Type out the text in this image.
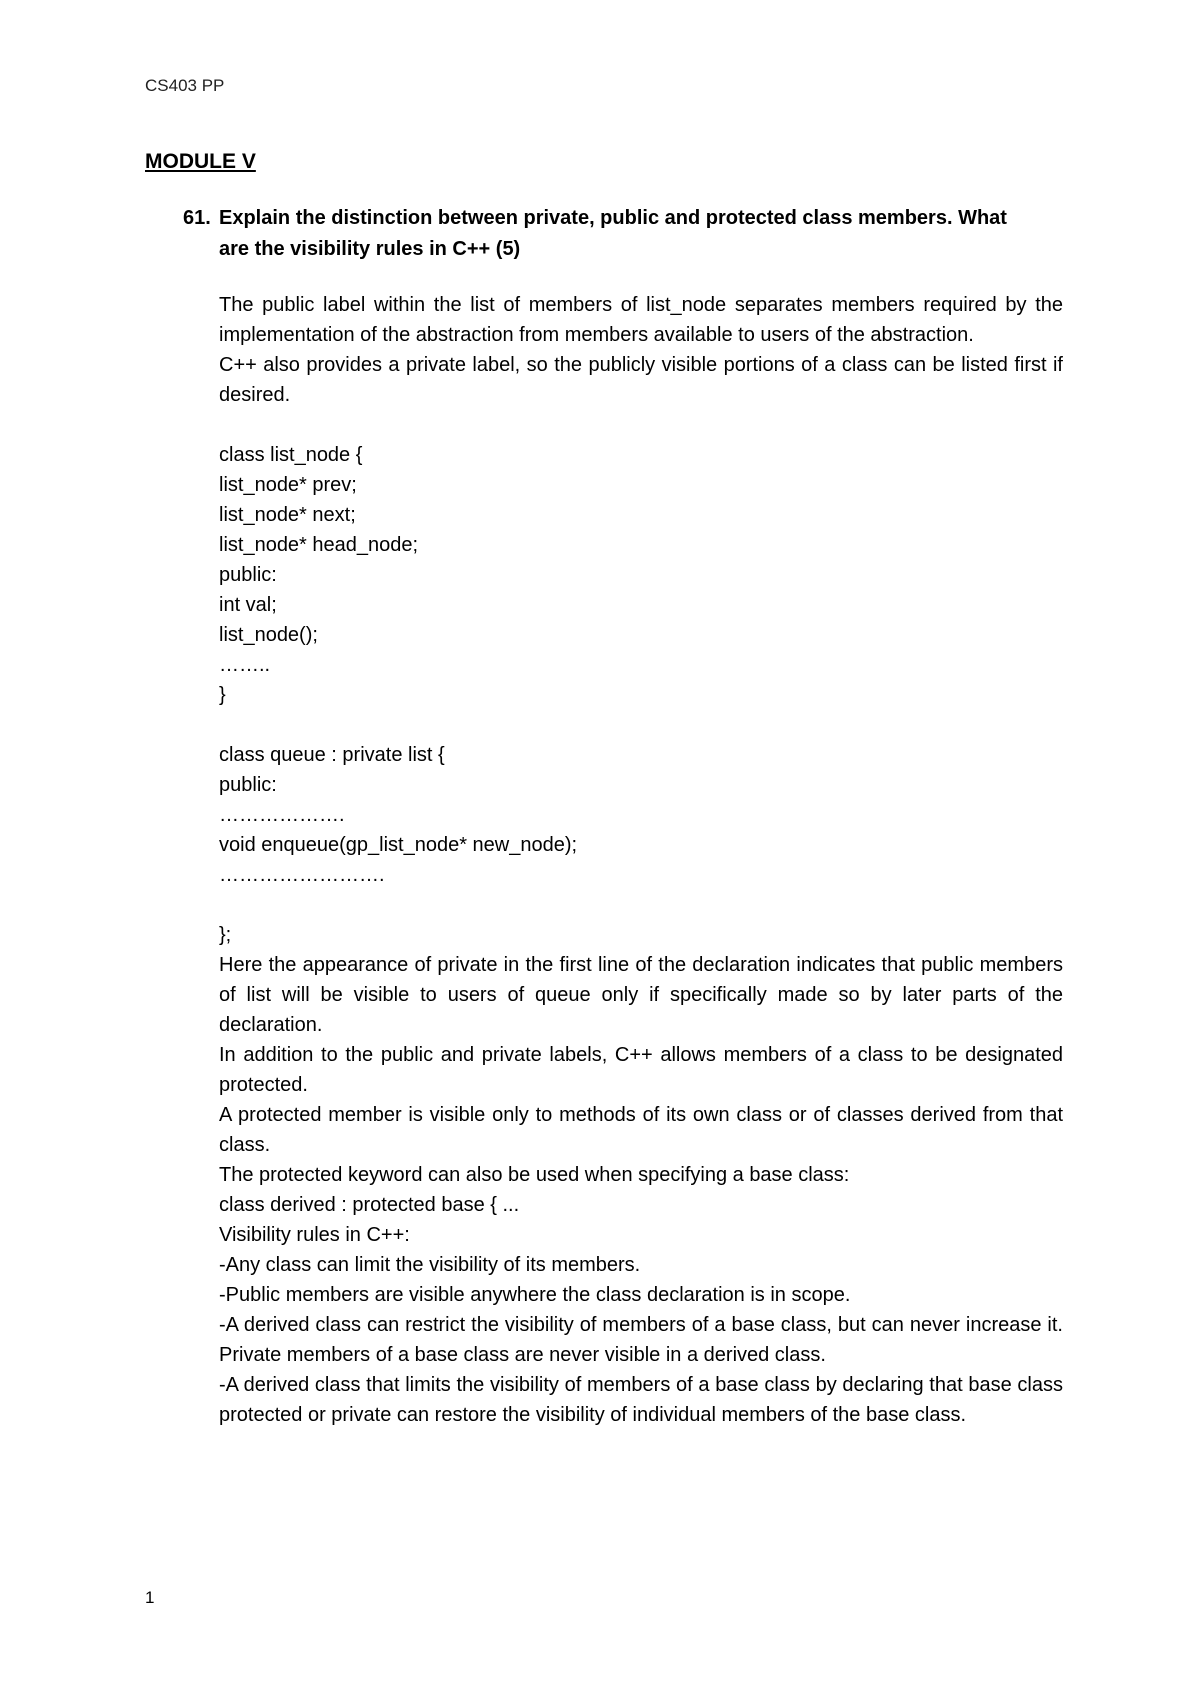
CS403 PP
MODULE V
61. Explain the distinction between private, public and protected class members. What
are the visibility rules in C++ (5)

The public label within the list of members of list_node separates members required by the implementation of the abstraction from members available to users of the abstraction.

C++ also provides a private label, so the publicly visible portions of a class can be listed first if desired.

class list_node {

list_node* prev;

list_node* next;

list_node* head_node;

public:

int val;

list_node();

……..

}

class queue : private list {

public:

……………….

void enqueue(gp_list_node* new_node);

…………………….

};

Here the appearance of private in the first line of the declaration indicates that public members of list will be visible to users of queue only if specifically made so by later parts of the declaration.

In addition to the public and private labels, C++ allows members of a class to be designated protected.

A protected member is visible only to methods of its own class or of classes derived from that class.

The protected keyword can also be used when specifying a base class:

class derived : protected base { ...

Visibility rules in C++:

-Any class can limit the visibility of its members.

-Public members are visible anywhere the class declaration is in scope.

-A derived class can restrict the visibility of members of a base class, but can never increase it. Private members of a base class are never visible in a derived class.

-A derived class that limits the visibility of members of a base class by declaring that base class protected or private can restore the visibility of individual members of the base class.

1
